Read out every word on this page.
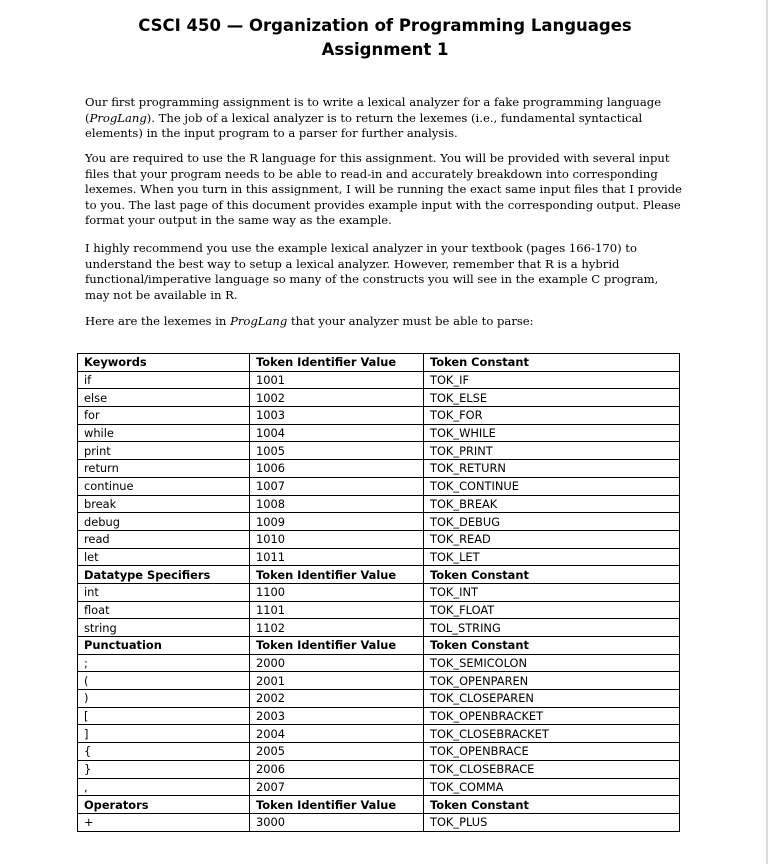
CSCI 450 — Organization of Programming Languages
Assignment 1

Our first programming assignment is to write a lexical analyzer for a fake programming language (ProgLang). The job of a lexical analyzer is to return the lexemes (i.e., fundamental syntactical elements) in the input program to a parser for further analysis.

You are required to use the R language for this assignment. You will be provided with several input files that your program needs to be able to read-in and accurately breakdown into corresponding lexemes. When you turn in this assignment, I will be running the exact same input files that I provide to you. The last page of this document provides example input with the corresponding output. Please format your output in the same way as the example.

I highly recommend you use the example lexical analyzer in your textbook (pages 166-170) to understand the best way to setup a lexical analyzer. However, remember that R is a hybrid functional/imperative language so many of the constructs you will see in the example C program, may not be available in R.

Here are the lexemes in ProgLang that your analyzer must be able to parse:

Keywords	Token Identifier Value	Token Constant
if	1001	TOK_IF
else	1002	TOK_ELSE
for	1003	TOK_FOR
while	1004	TOK_WHILE
print	1005	TOK_PRINT
return	1006	TOK_RETURN
continue	1007	TOK_CONTINUE
break	1008	TOK_BREAK
debug	1009	TOK_DEBUG
read	1010	TOK_READ
let	1011	TOK_LET
Datatype Specifiers	Token Identifier Value	Token Constant
int	1100	TOK_INT
float	1101	TOK_FLOAT
string	1102	TOL_STRING
Punctuation	Token Identifier Value	Token Constant
;	2000	TOK_SEMICOLON
(	2001	TOK_OPENPAREN
)	2002	TOK_CLOSEPAREN
[	2003	TOK_OPENBRACKET
]	2004	TOK_CLOSEBRACKET
{	2005	TOK_OPENBRACE
}	2006	TOK_CLOSEBRACE
,	2007	TOK_COMMA
Operators	Token Identifier Value	Token Constant
+	3000	TOK_PLUS
